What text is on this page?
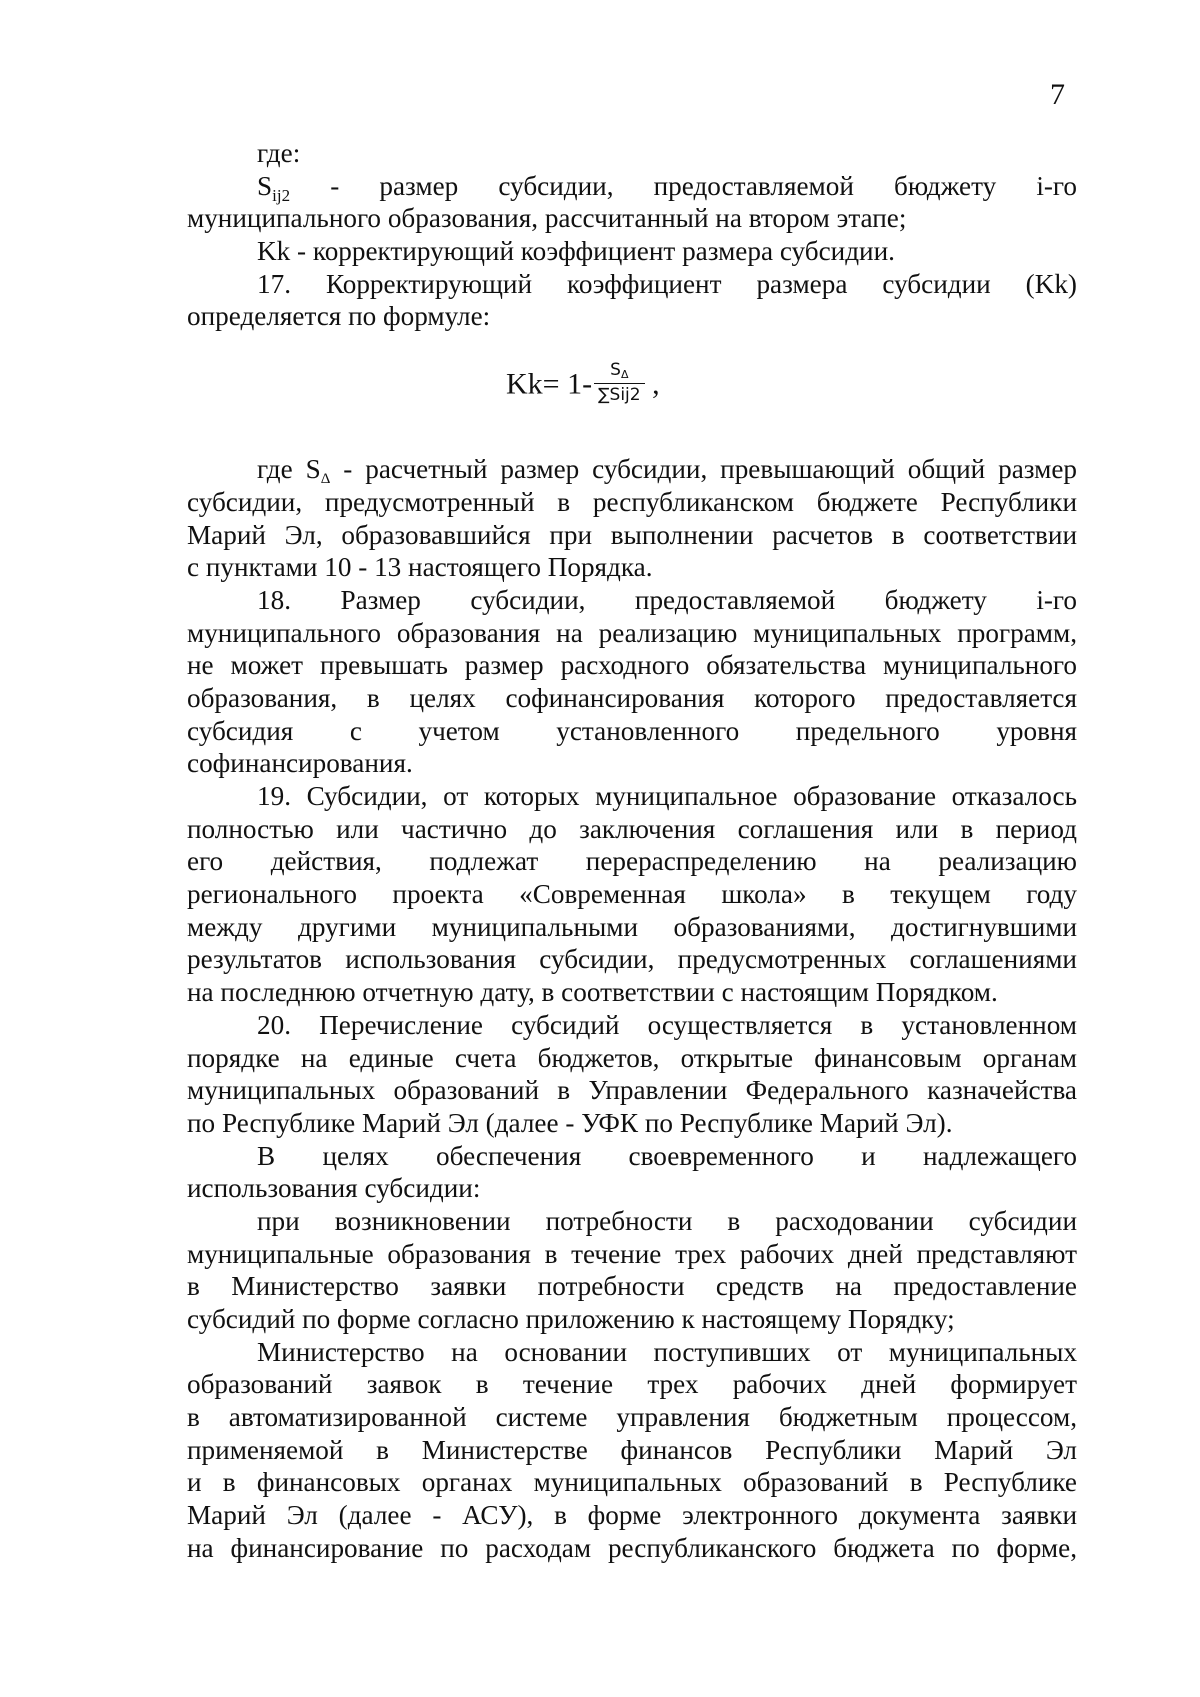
7
где:
$S_{ij2}$ - размер субсидии, предоставляемой бюджету i-го
муниципального образования, рассчитанный на втором этапе;
Kk - корректирующий коэффициент размера субсидии.
17. Корректирующий коэффициент размера субсидии (Kk)
определяется по формуле:
$Kk= 1- \frac{S\Delta}{\text{∑Sij2}}$ ,
где SΔ - расчетный размер субсидии, превышающий общий размер
субсидии, предусмотренный в республиканском бюджете Республики
Марий Эл, образовавшийся при выполнении расчетов в соответствии
с пунктами 10 - 13 настоящего Порядка.
18. Размер субсидии, предоставляемой бюджету i-го
муниципального образования на реализацию муниципальных программ,
не может превышать размер расходного обязательства муниципального
образования, в целях софинансирования которого предоставляется
субсидия с учетом установленного предельного уровня
софинансирования.
19. Субсидии, от которых муниципальное образование отказалось
полностью или частично до заключения соглашения или в период
его действия, подлежат перераспределению на реализацию
регионального проекта «Современная школа» в текущем году
между другими муниципальными образованиями, достигнувшими
результатов использования субсидии, предусмотренных соглашениями
на последнюю отчетную дату, в соответствии с настоящим Порядком.
20. Перечисление субсидий осуществляется в установленном
порядке на единые счета бюджетов, открытые финансовым органам
муниципальных образований в Управлении Федерального казначейства
по Республике Марий Эл (далее - УФК по Республике Марий Эл).
В целях обеспечения своевременного и надлежащего
использования субсидии:
при возникновении потребности в расходовании субсидии
муниципальные образования в течение трех рабочих дней представляют
в Министерство заявки потребности средств на предоставление
субсидий по форме согласно приложению к настоящему Порядку;
Министерство на основании поступивших от муниципальных
образований заявок в течение трех рабочих дней формирует
в автоматизированной системе управления бюджетным процессом,
применяемой в Министерстве финансов Республики Марий Эл
и в финансовых органах муниципальных образований в Республике
Марий Эл (далее - АСУ), в форме электронного документа заявки
на финансирование по расходам республиканского бюджета по форме,
